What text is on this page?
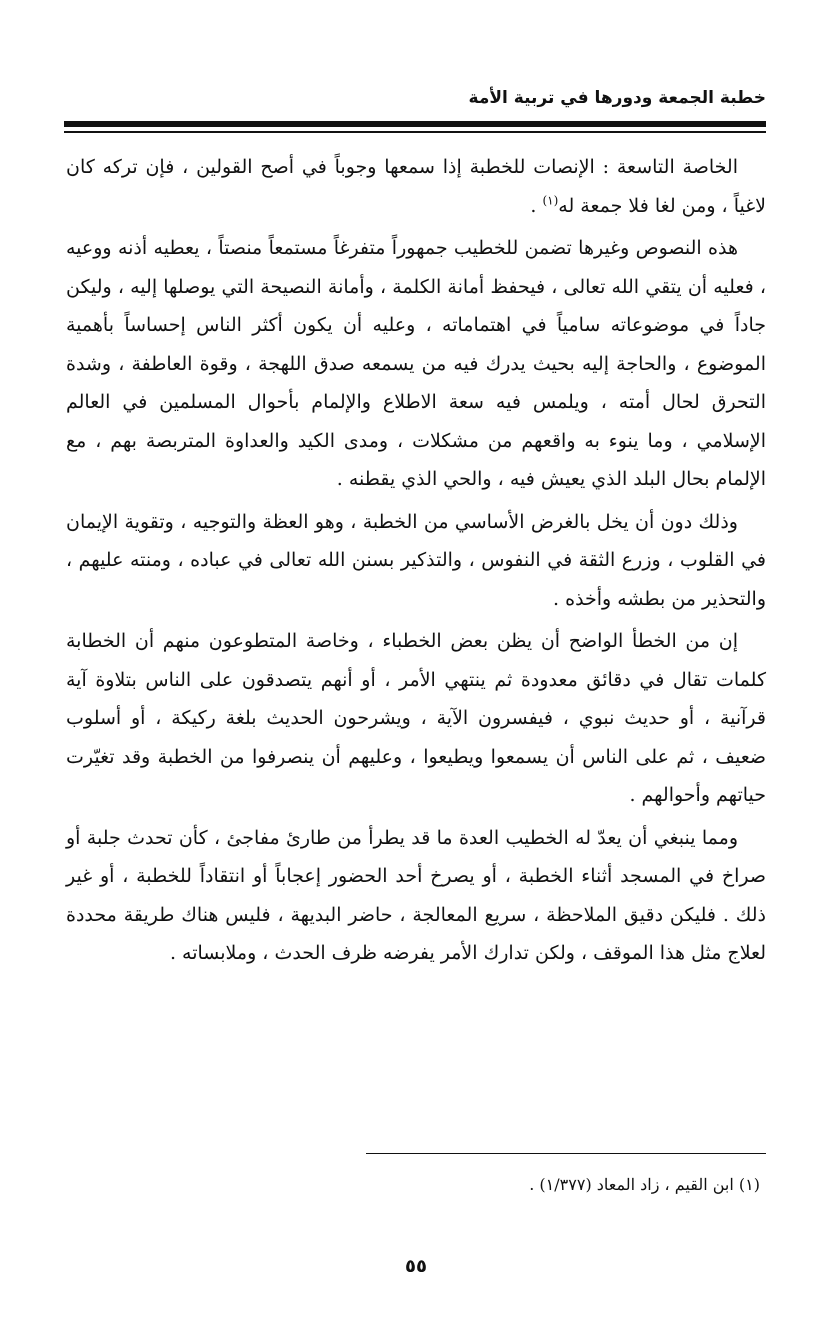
خطبة الجمعة ودورها في تربية الأمة

الخاصة التاسعة : الإنصات للخطبة إذا سمعها وجوباً في أصح القولين ، فإن تركه كان لاغياً ، ومن لغا فلا جمعة له$^{(١)}$ .

هذه النصوص وغيرها تضمن للخطيب جمهوراً متفرغاً مستمعاً منصتاً ، يعطيه أذنه ووعيه ، فعليه أن يتقي الله تعالى ، فيحفظ أمانة الكلمة ، وأمانة النصيحة التي يوصلها إليه ، وليكن جاداً في موضوعاته سامياً في اهتماماته ، وعليه أن يكون أكثر الناس إحساساً بأهمية الموضوع ، والحاجة إليه بحيث يدرك فيه من يسمعه صدق اللهجة ، وقوة العاطفة ، وشدة التحرق لحال أمته ، ويلمس فيه سعة الاطلاع والإلمام بأحوال المسلمين في العالم الإسلامي ، وما ينوء به واقعهم من مشكلات ، ومدى الكيد والعداوة المتربصة بهم ، مع الإلمام بحال البلد الذي يعيش فيه ، والحي الذي يقطنه .

وذلك دون أن يخل بالغرض الأساسي من الخطبة ، وهو العظة والتوجيه ، وتقوية الإيمان في القلوب ، وزرع الثقة في النفوس ، والتذكير بسنن الله تعالى في عباده ، ومنته عليهم ، والتحذير من بطشه وأخذه .

إن من الخطأ الواضح أن يظن بعض الخطباء ، وخاصة المتطوعون منهم أن الخطابة كلمات تقال في دقائق معدودة ثم ينتهي الأمر ، أو أنهم يتصدقون على الناس بتلاوة آية قرآنية ، أو حديث نبوي ، فيفسرون الآية ، ويشرحون الحديث بلغة ركيكة ، أو أسلوب ضعيف ، ثم على الناس أن يسمعوا ويطيعوا ، وعليهم أن ينصرفوا من الخطبة وقد تغيّرت حياتهم وأحوالهم .

ومما ينبغي أن يعدّ له الخطيب العدة ما قد يطرأ من طارئ مفاجئ ، كأن تحدث جلبة أو صراخ في المسجد أثناء الخطبة ، أو يصرخ أحد الحضور إعجاباً أو انتقاداً للخطبة ، أو غير ذلك . فليكن دقيق الملاحظة ، سريع المعالجة ، حاضر البديهة ، فليس هناك طريقة محددة لعلاج مثل هذا الموقف ، ولكن تدارك الأمر يفرضه ظرف الحدث ، وملابساته .

(١) ابن القيم ، زاد المعاد (١/٣٧٧) .
٥٥
